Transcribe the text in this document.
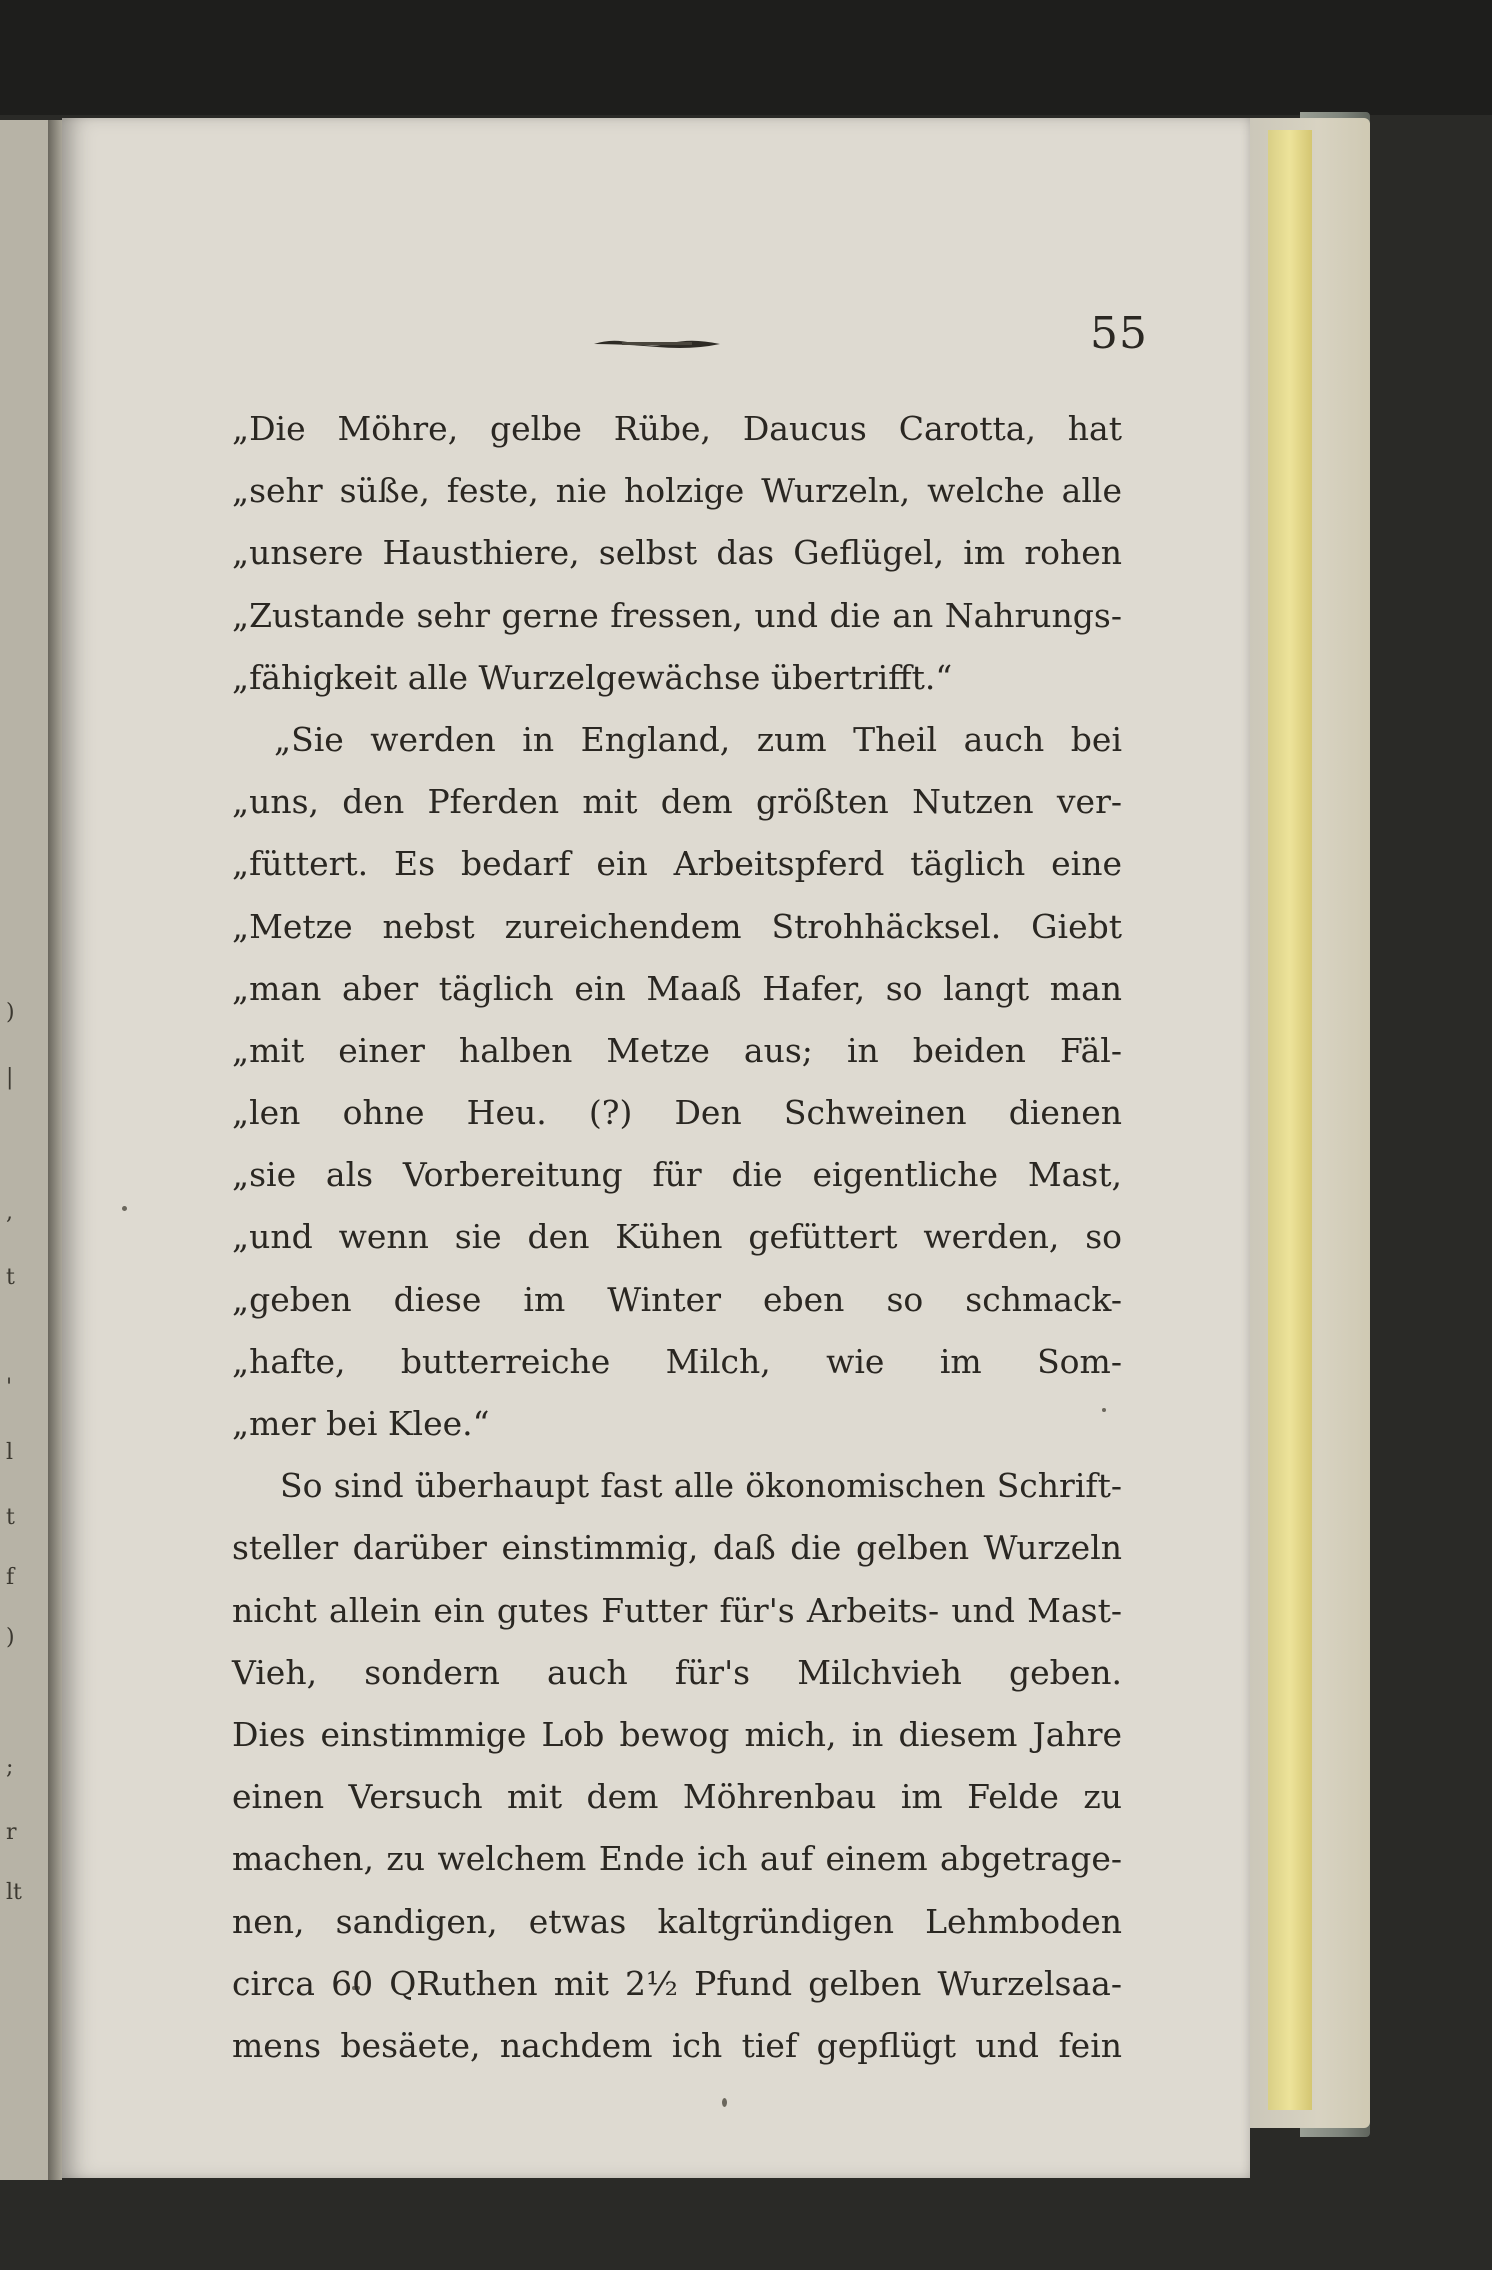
)
|
,
t
'
l
t
f
)
;
r
lt
55
„Die Möhre, gelbe Rübe, Daucus Carotta, hat
„sehr süße, feste, nie holzige Wurzeln, welche alle
„unsere Hausthiere, selbst das Geflügel, im rohen
„Zustande sehr gerne fressen, und die an Nahrungs-
„fähigkeit alle Wurzelgewächse übertrifft.“
„Sie werden in England, zum Theil auch bei
„uns, den Pferden mit dem größten Nutzen ver-
„füttert. Es bedarf ein Arbeitspferd täglich eine
„Metze nebst zureichendem Strohhäcksel. Giebt
„man aber täglich ein Maaß Hafer, so langt man
„mit einer halben Metze aus; in beiden Fäl-
„len ohne Heu. (?) Den Schweinen dienen
„sie als Vorbereitung für die eigentliche Mast,
„und wenn sie den Kühen gefüttert werden, so
„geben diese im Winter eben so schmack-
„hafte, butterreiche Milch, wie im Som-
„mer bei Klee.“
So sind überhaupt fast alle ökonomischen Schrift-
steller darüber einstimmig, daß die gelben Wurzeln
nicht allein ein gutes Futter für's Arbeits- und Mast-
Vieh, sondern auch für's Milchvieh geben.
Dies einstimmige Lob bewog mich, in diesem Jahre
einen Versuch mit dem Möhrenbau im Felde zu
machen, zu welchem Ende ich auf einem abgetrage-
nen, sandigen, etwas kaltgründigen Lehmboden
circa 60 QRuthen mit 2½ Pfund gelben Wurzelsaa-
mens besäete, nachdem ich tief gepflügt und fein
